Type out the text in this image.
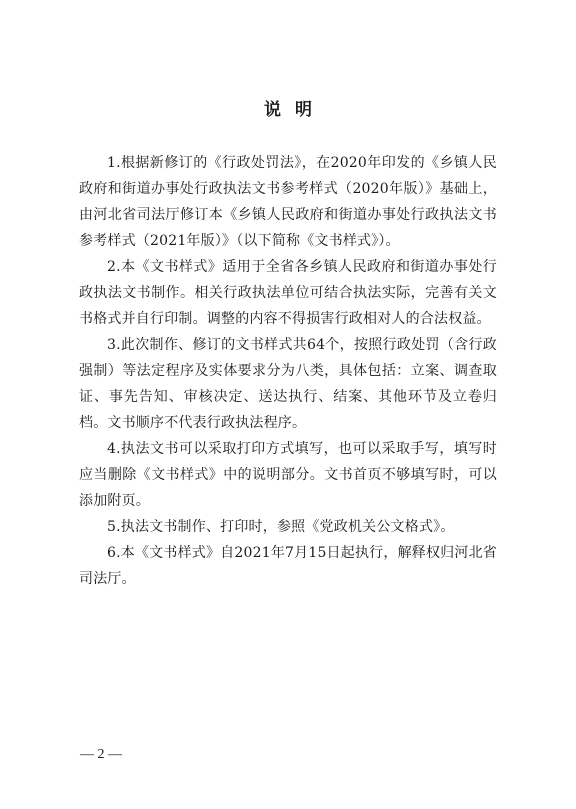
说明

1.根据新修订的《行政处罚法》，在2020年印发的《乡镇人民政府和街道办事处行政执法文书参考样式（2020年版）》基础上，由河北省司法厅修订本《乡镇人民政府和街道办事处行政执法文书参考样式（2021年版）》（以下简称《文书样式》）。

2.本《文书样式》适用于全省各乡镇人民政府和街道办事处行政执法文书制作。相关行政执法单位可结合执法实际，完善有关文书格式并自行印制。调整的内容不得损害行政相对人的合法权益。

3.此次制作、修订的文书样式共64个，按照行政处罚（含行政强制）等法定程序及实体要求分为八类，具体包括：立案、调查取证、事先告知、审核决定、送达执行、结案、其他环节及立卷归档。文书顺序不代表行政执法程序。

4.执法文书可以采取打印方式填写，也可以采取手写，填写时应当删除《文书样式》中的说明部分。文书首页不够填写时，可以添加附页。

5.执法文书制作、打印时，参照《党政机关公文格式》。

6.本《文书样式》自2021年7月15日起执行，解释权归河北省司法厅。

— 2 —
